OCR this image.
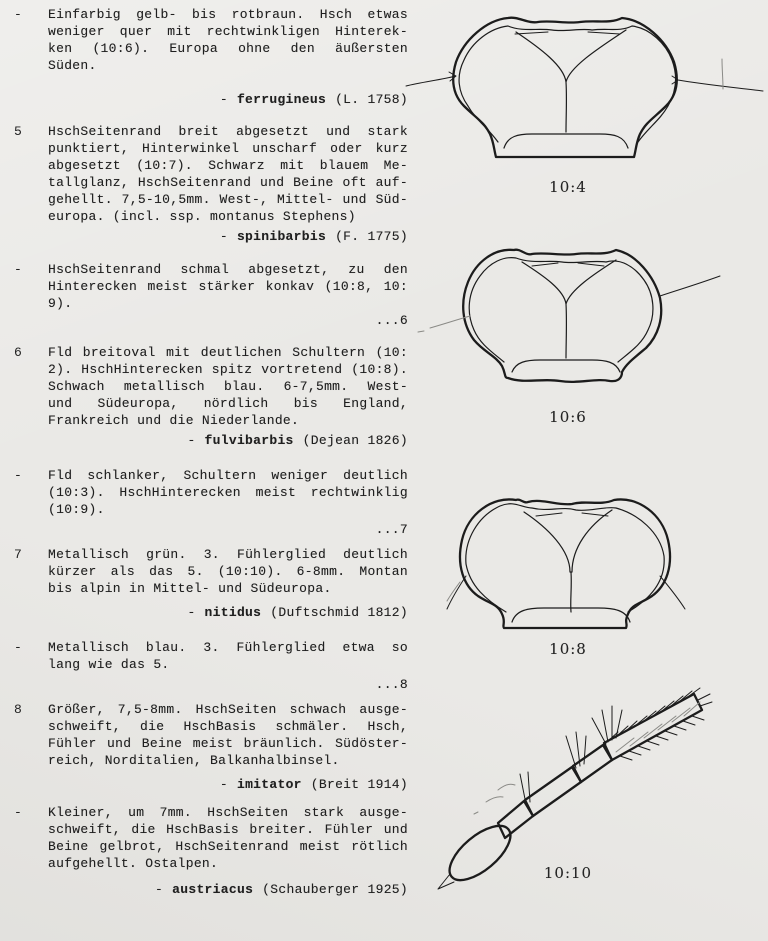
-	Einfarbig gelb- bis rotbraun. Hsch etwas
weniger quer mit rechtwinkligen Hinterek-
ken (10:6). Europa ohne den äußersten
Süden.
- ferrugineus (L. 1758)
5	HschSeitenrand breit abgesetzt und stark
punktiert, Hinterwinkel unscharf oder kurz
abgesetzt (10:7). Schwarz mit blauem Me-
tallglanz, HschSeitenrand und Beine oft auf-
gehellt. 7,5-10,5mm. West-, Mittel- und Süd-
europa. (incl. ssp. montanus Stephens)
- spinibarbis (F. 1775)
-	HschSeitenrand schmal abgesetzt, zu den
Hinterecken meist stärker konkav (10:8, 10:
9).
...6
6	Fld breitoval mit deutlichen Schultern (10:
2). HschHinterecken spitz vortretend (10:8).
Schwach metallisch blau. 6-7,5mm. West-
und Südeuropa, nördlich bis England,
Frankreich und die Niederlande.
- fulvibarbis (Dejean 1826)
-	Fld schlanker, Schultern weniger deutlich
(10:3). HschHinterecken meist rechtwinklig
(10:9).
...7
7	Metallisch grün. 3. Fühlerglied deutlich
kürzer als das 5. (10:10). 6-8mm. Montan
bis alpin in Mittel- und Südeuropa.
- nitidus (Duftschmid 1812)
-	Metallisch blau. 3. Fühlerglied etwa so
lang wie das 5.
...8
8	Größer, 7,5-8mm. HschSeiten schwach ausge-
schweift, die HschBasis schmäler. Hsch,
Fühler und Beine meist bräunlich. Südöster-
reich, Norditalien, Balkanhalbinsel.
- imitator (Breit 1914)
-	Kleiner, um 7mm. HschSeiten stark ausge-
schweift, die HschBasis breiter. Fühler und
Beine gelbrot, HschSeitenrand meist rötlich
aufgehellt. Ostalpen.
- austriacus (Schauberger 1925)
10:4
10:6
10:8
10:10
